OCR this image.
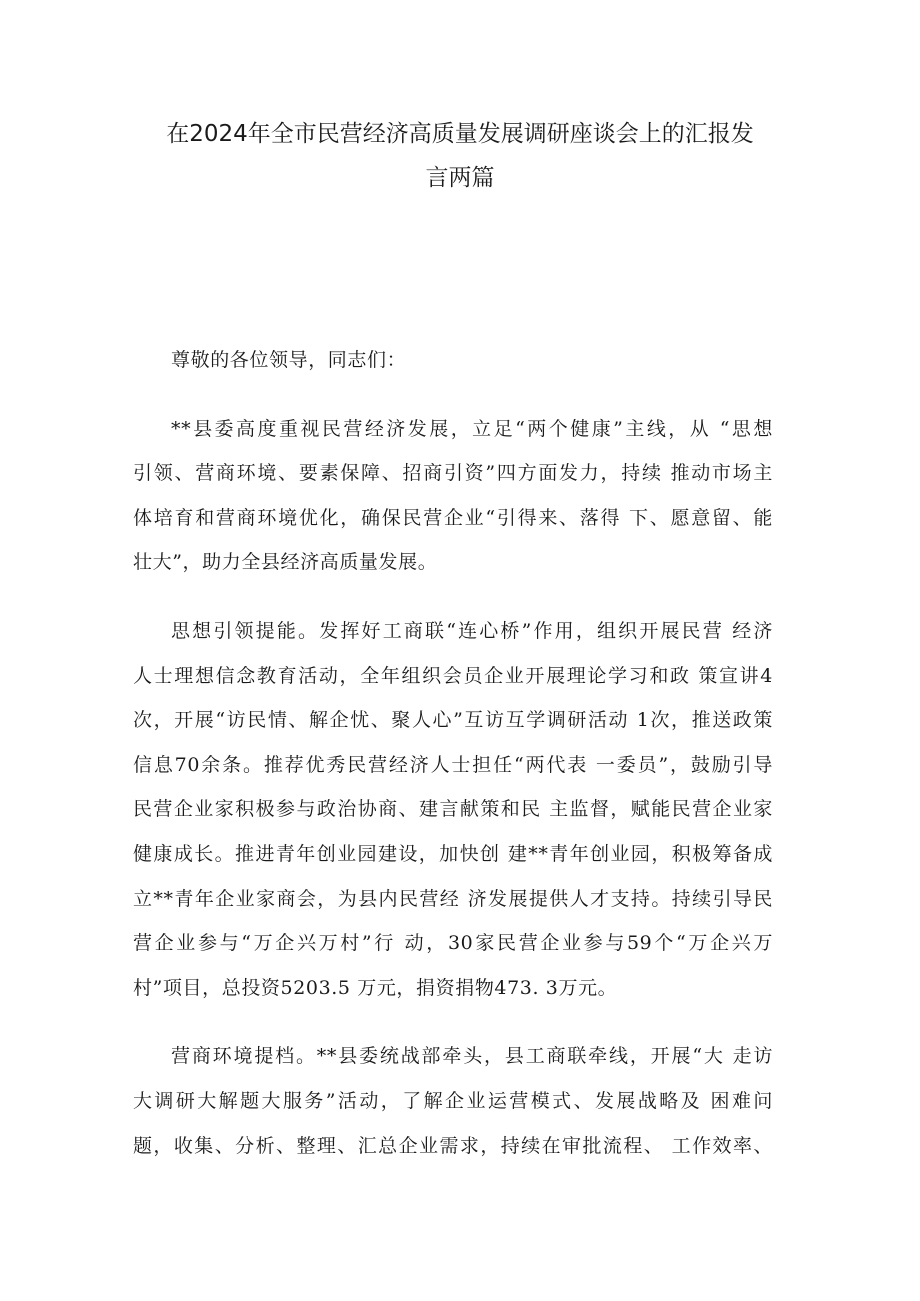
在2024年全市民营经济高质量发展调研座谈会上的汇报发
言两篇

尊敬的各位领导，同志们：

**县委高度重视民营经济发展，立足“两个健康”主线，从 “思想
引领、营商环境、要素保障、招商引资”四方面发力，持续 推动市场主
体培育和营商环境优化，确保民营企业“引得来、落得 下、愿意留、能
壮大”，助力全县经济高质量发展。

思想引领提能。发挥好工商联“连心桥”作用，组织开展民营 经济
人士理想信念教育活动，全年组织会员企业开展理论学习和政 策宣讲4
次，开展“访民情、解企忧、聚人心”互访互学调研活动 1次，推送政策
信息70余条。推荐优秀民营经济人士担任“两代表 一委员”，鼓励引导
民营企业家积极参与政治协商、建言献策和民 主监督，赋能民营企业家
健康成长。推进青年创业园建设，加快创 建**青年创业园，积极筹备成
立**青年企业家商会，为县内民营经 济发展提供人才支持。持续引导民
营企业参与“万企兴万村”行 动，30家民营企业参与59个“万企兴万
村”项目，总投资5203.5 万元，捐资捐物473. 3万元。

营商环境提档。**县委统战部牵头，县工商联牵线，开展“大 走访
大调研大解题大服务”活动，了解企业运营模式、发展战略及 困难问
题，收集、分析、整理、汇总企业需求，持续在审批流程、 工作效率、
